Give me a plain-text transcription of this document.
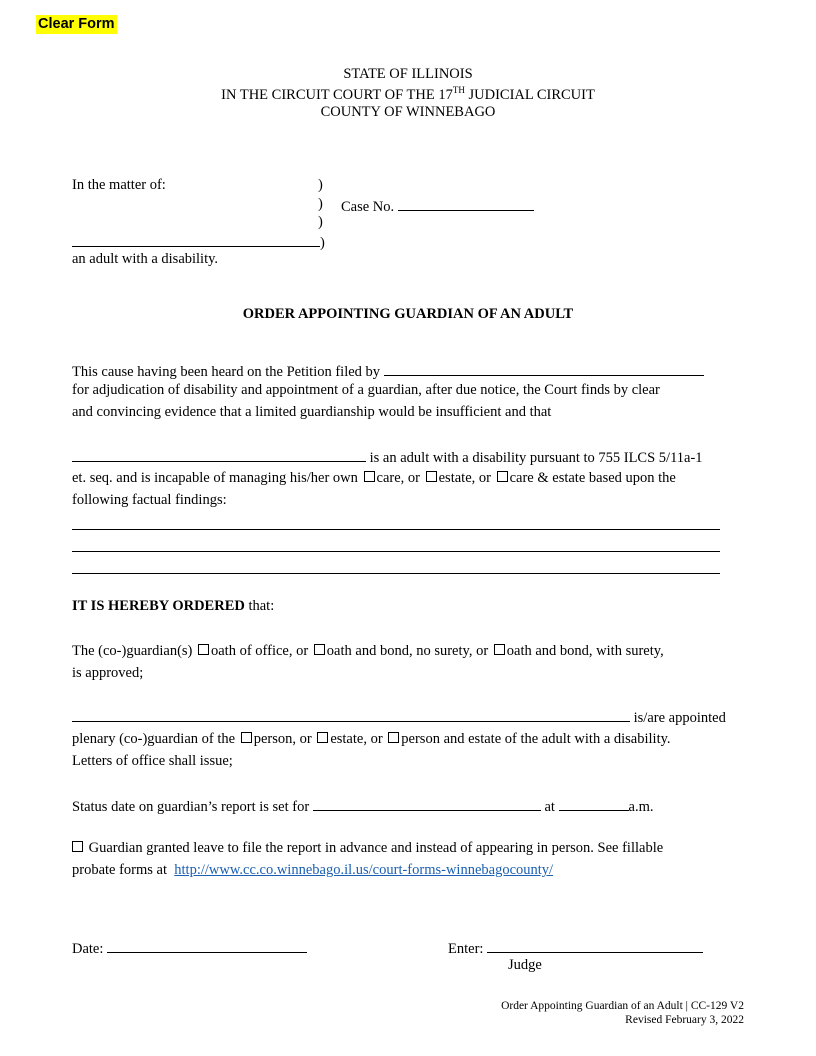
Clear Form
STATE OF ILLINOIS
IN THE CIRCUIT COURT OF THE 17TH JUDICIAL CIRCUIT
COUNTY OF WINNEBAGO
In the matter of:	)
) Case No.
)
)
an adult with a disability.
ORDER APPOINTING GUARDIAN OF AN ADULT
This cause having been heard on the Petition filed by
for adjudication of disability and appointment of a guardian, after due notice, the Court finds by clear
and convincing evidence that a limited guardianship would be insufficient and that
is an adult with a disability pursuant to 755 ILCS 5/11a-1
et. seq. and is incapable of managing his/her own care, or estate, or care & estate based upon the
following factual findings:
IT IS HEREBY ORDERED that:
The (co-)guardian(s) oath of office, or oath and bond, no surety, or oath and bond, with surety,
is approved;
is/are appointed
plenary (co-)guardian of the person, or estate, or person and estate of the adult with a disability.
Letters of office shall issue;
Status date on guardian’s report is set for	at	a.m.
Guardian granted leave to file the report in advance and instead of appearing in person. See fillable
probate forms at http://www.cc.co.winnebago.il.us/court-forms-winnebagocounty/
Date:	Enter:
Judge
Order Appointing Guardian of an Adult | CC-129 V2
Revised February 3, 2022
